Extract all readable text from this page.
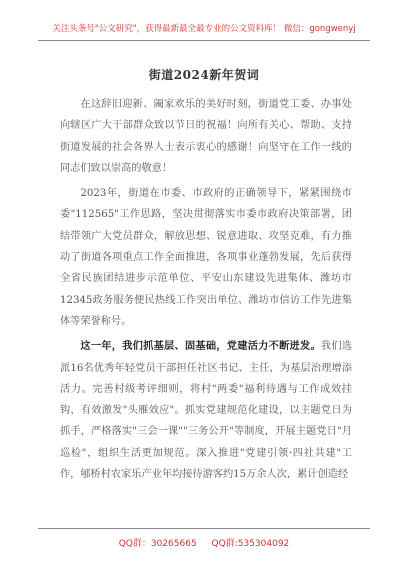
关注头条号"公文研究"，获得最新最全最专业的公文资料库！ 微信：gongwenyj
街道2024新年贺词

在这辞旧迎新、阖家欢乐的美好时刻，街道党工委、办事处向辖区广大干部群众致以节日的祝福！向所有关心、帮助、支持街道发展的社会各界人士表示衷心的感谢！向坚守在工作一线的同志们致以崇高的敬意！

2023年，街道在市委、市政府的正确领导下，紧紧围绕市委"112565"工作思路，坚决贯彻落实市委市政府决策部署，团结带领广大党员群众，解放思想、锐意进取、攻坚克难，有力推动了街道各项重点工作全面推进，各项事业蓬勃发展，先后获得全省民族团结进步示范单位、平安山东建设先进集体、潍坊市12345政务服务便民热线工作突出单位、潍坊市信访工作先进集体等荣誉称号。

这一年，我们抓基层、固基础，党建活力不断迸发。我们选派16名优秀年轻党员干部担任社区书记、主任，为基层治理增添活力。完善村级考评细则，将村"两委"福利待遇与工作成效挂钩，有效激发"头雁效应"。抓实党建规范化建设，以主题党日为抓手，严格落实"三会一课""三务公开"等制度，开展主题党日"月巡检"，组织生活更加规范。深入推进"党建引领·四社共建"工作，郇桥村农家乐产业年均接待游客约15万余人次，累计创造经

QQ群：30265665 QQ群:535304092
